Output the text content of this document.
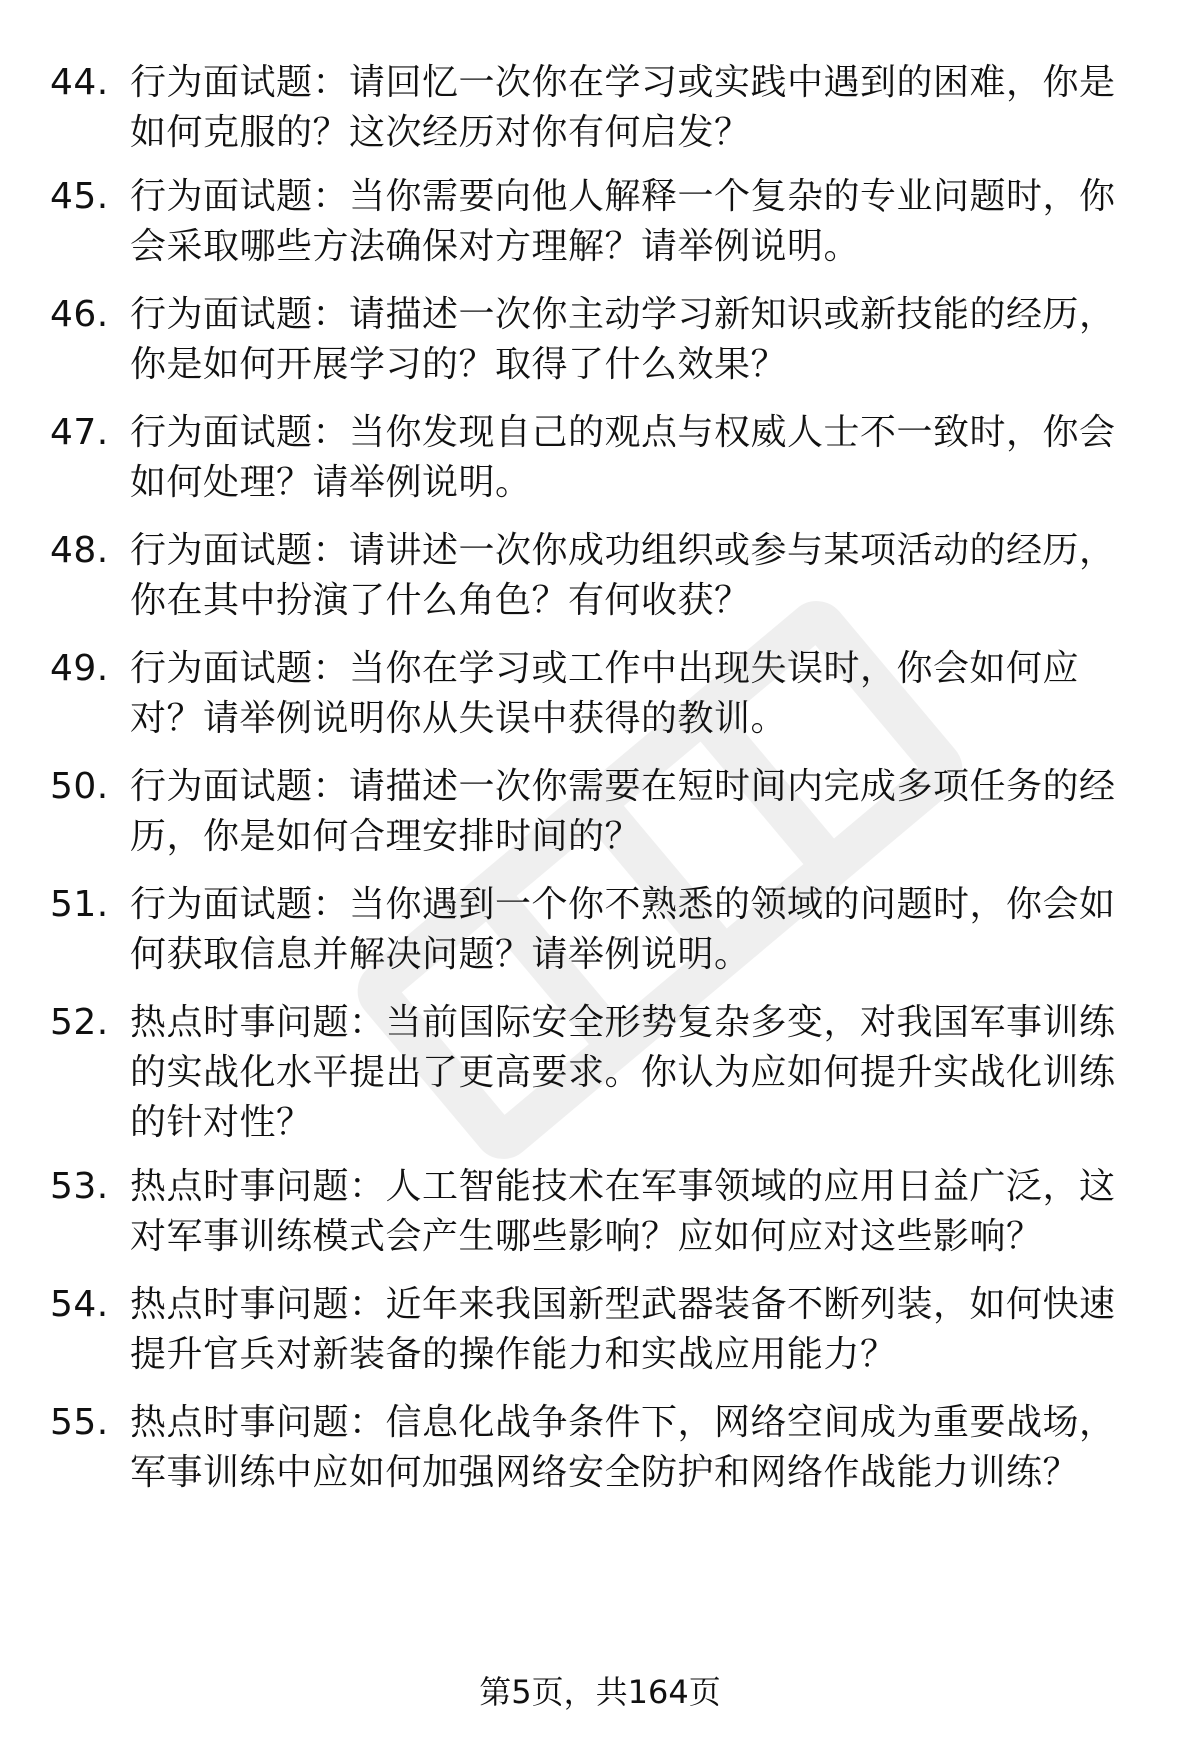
44. 行为面试题：请回忆一次你在学习或实践中遇到的困难，你是如何克服的？这次经历对你有何启发？
45. 行为面试题：当你需要向他人解释一个复杂的专业问题时，你会采取哪些方法确保对方理解？请举例说明。
46. 行为面试题：请描述一次你主动学习新知识或新技能的经历，你是如何开展学习的？取得了什么效果？
47. 行为面试题：当你发现自己的观点与权威人士不一致时，你会如何处理？请举例说明。
48. 行为面试题：请讲述一次你成功组织或参与某项活动的经历，你在其中扮演了什么角色？有何收获？
49. 行为面试题：当你在学习或工作中出现失误时，你会如何应对？请举例说明你从失误中获得的教训。
50. 行为面试题：请描述一次你需要在短时间内完成多项任务的经历，你是如何合理安排时间的？
51. 行为面试题：当你遇到一个你不熟悉的领域的问题时，你会如何获取信息并解决问题？请举例说明。
52. 热点时事问题：当前国际安全形势复杂多变，对我国军事训练的实战化水平提出了更高要求。你认为应如何提升实战化训练的针对性？
53. 热点时事问题：人工智能技术在军事领域的应用日益广泛，这对军事训练模式会产生哪些影响？应如何应对这些影响？
54. 热点时事问题：近年来我国新型武器装备不断列装，如何快速提升官兵对新装备的操作能力和实战应用能力？
55. 热点时事问题：信息化战争条件下，网络空间成为重要战场，军事训练中应如何加强网络安全防护和网络作战能力训练？
第5页，共164页
